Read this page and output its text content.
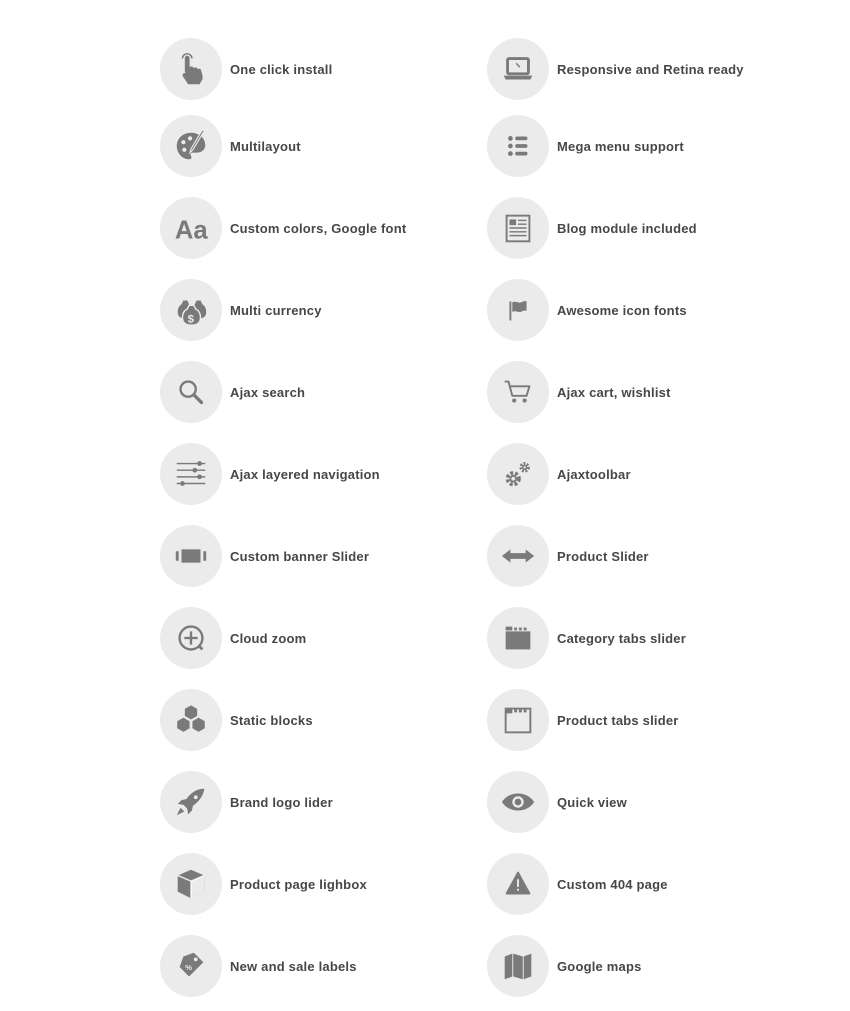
One click install	Responsive and Retina ready
Multilayout	Mega menu support
Aa Custom colors, Google font	Blog module included
$
Multi currency	Awesome icon fonts
Ajax search	Ajax cart, wishlist
Ajax layered navigation	Ajaxtoolbar
Custom banner Slider	Product Slider
Cloud zoom	Category tabs slider
Static blocks	Product tabs slider
Brand logo lider	Quick view
Product page lighbox	Custom 404 page
%	New and sale labels	Google maps
